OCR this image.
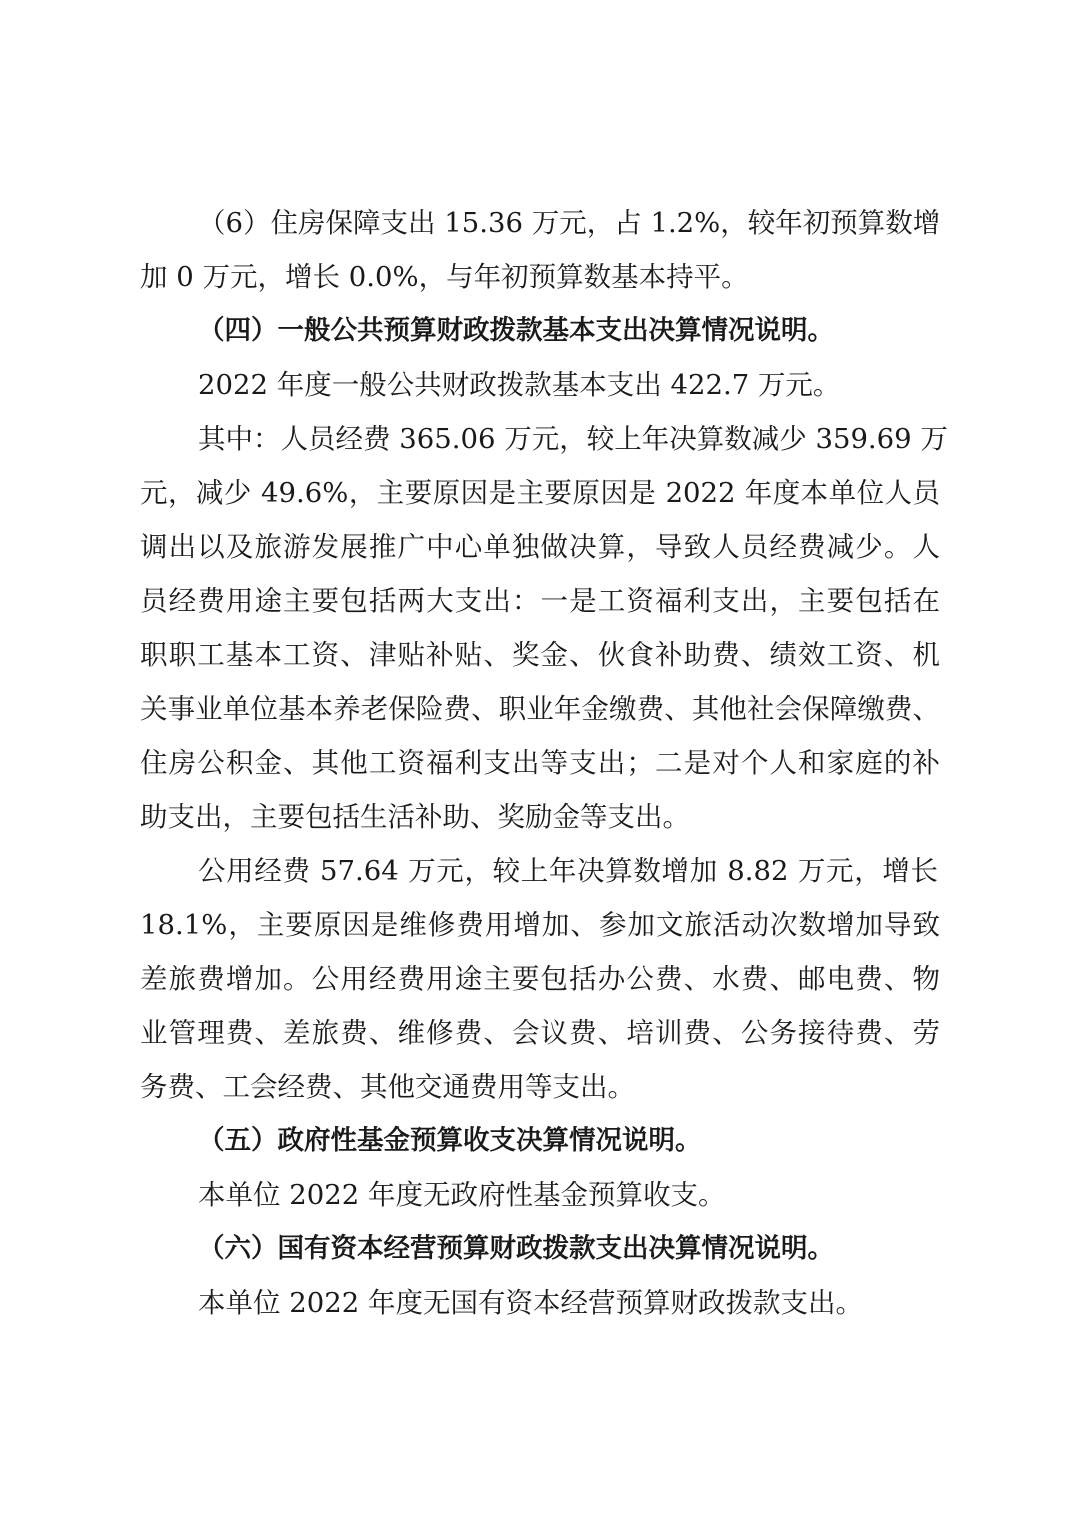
（6）住房保障支出 15.36 万元，占 1.2%，较年初预算数增

加 0 万元，增长 0.0%，与年初预算数基本持平。

（四）一般公共预算财政拨款基本支出决算情况说明。

2022 年度一般公共财政拨款基本支出 422.7 万元。

其中：人员经费 365.06 万元，较上年决算数减少 359.69 万

元，减少 49.6%，主要原因是主要原因是 2022 年度本单位人员

调出以及旅游发展推广中心单独做决算，导致人员经费减少。人

员经费用途主要包括两大支出：一是工资福利支出，主要包括在

职职工基本工资、津贴补贴、奖金、伙食补助费、绩效工资、机

关事业单位基本养老保险费、职业年金缴费、其他社会保障缴费、

住房公积金、其他工资福利支出等支出；二是对个人和家庭的补

助支出，主要包括生活补助、奖励金等支出。

公用经费 57.64 万元，较上年决算数增加 8.82 万元，增长

18.1%，主要原因是维修费用增加、参加文旅活动次数增加导致

差旅费增加。公用经费用途主要包括办公费、水费、邮电费、物

业管理费、差旅费、维修费、会议费、培训费、公务接待费、劳

务费、工会经费、其他交通费用等支出。

（五）政府性基金预算收支决算情况说明。

本单位 2022 年度无政府性基金预算收支。

（六）国有资本经营预算财政拨款支出决算情况说明。

本单位 2022 年度无国有资本经营预算财政拨款支出。
